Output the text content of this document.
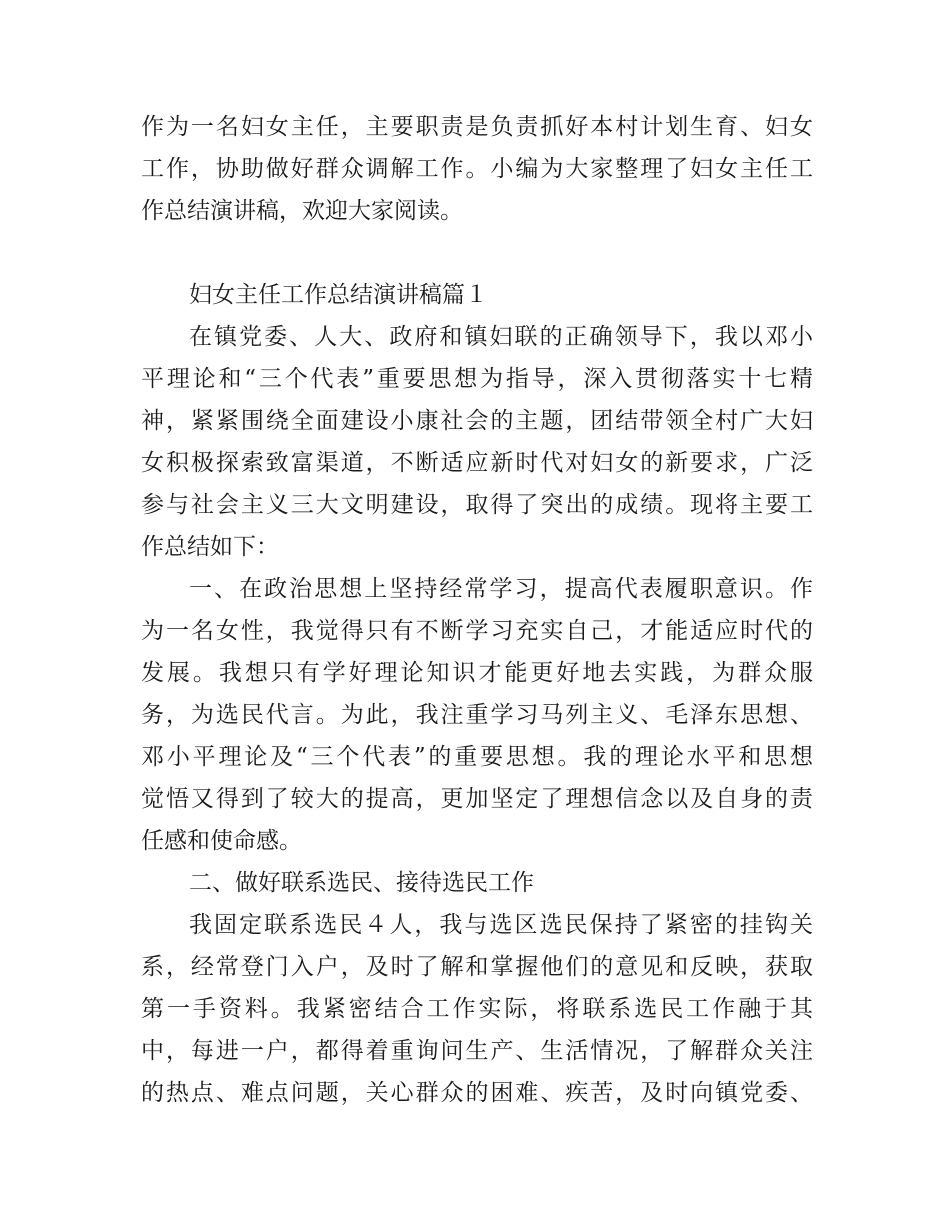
作为一名妇女主任，主要职责是负责抓好本村计划生育、妇女
工作，协助做好群众调解工作。小编为大家整理了妇女主任工
作总结演讲稿，欢迎大家阅读。
妇女主任工作总结演讲稿篇１
在镇党委、人大、政府和镇妇联的正确领导下，我以邓小
平理论和“三个代表”重要思想为指导，深入贯彻落实十七精
神，紧紧围绕全面建设小康社会的主题，团结带领全村广大妇
女积极探索致富渠道，不断适应新时代对妇女的新要求，广泛
参与社会主义三大文明建设，取得了突出的成绩。现将主要工
作总结如下：
一、在政治思想上坚持经常学习，提高代表履职意识。作
为一名女性，我觉得只有不断学习充实自己，才能适应时代的
发展。我想只有学好理论知识才能更好地去实践，为群众服
务，为选民代言。为此，我注重学习马列主义、毛泽东思想、
邓小平理论及“三个代表”的重要思想。我的理论水平和思想
觉悟又得到了较大的提高，更加坚定了理想信念以及自身的责
任感和使命感。
二、做好联系选民、接待选民工作
我固定联系选民４人，我与选区选民保持了紧密的挂钩关
系，经常登门入户，及时了解和掌握他们的意见和反映，获取
第一手资料。我紧密结合工作实际，将联系选民工作融于其
中，每进一户，都得着重询问生产、生活情况，了解群众关注
的热点、难点问题，关心群众的困难、疾苦，及时向镇党委、
